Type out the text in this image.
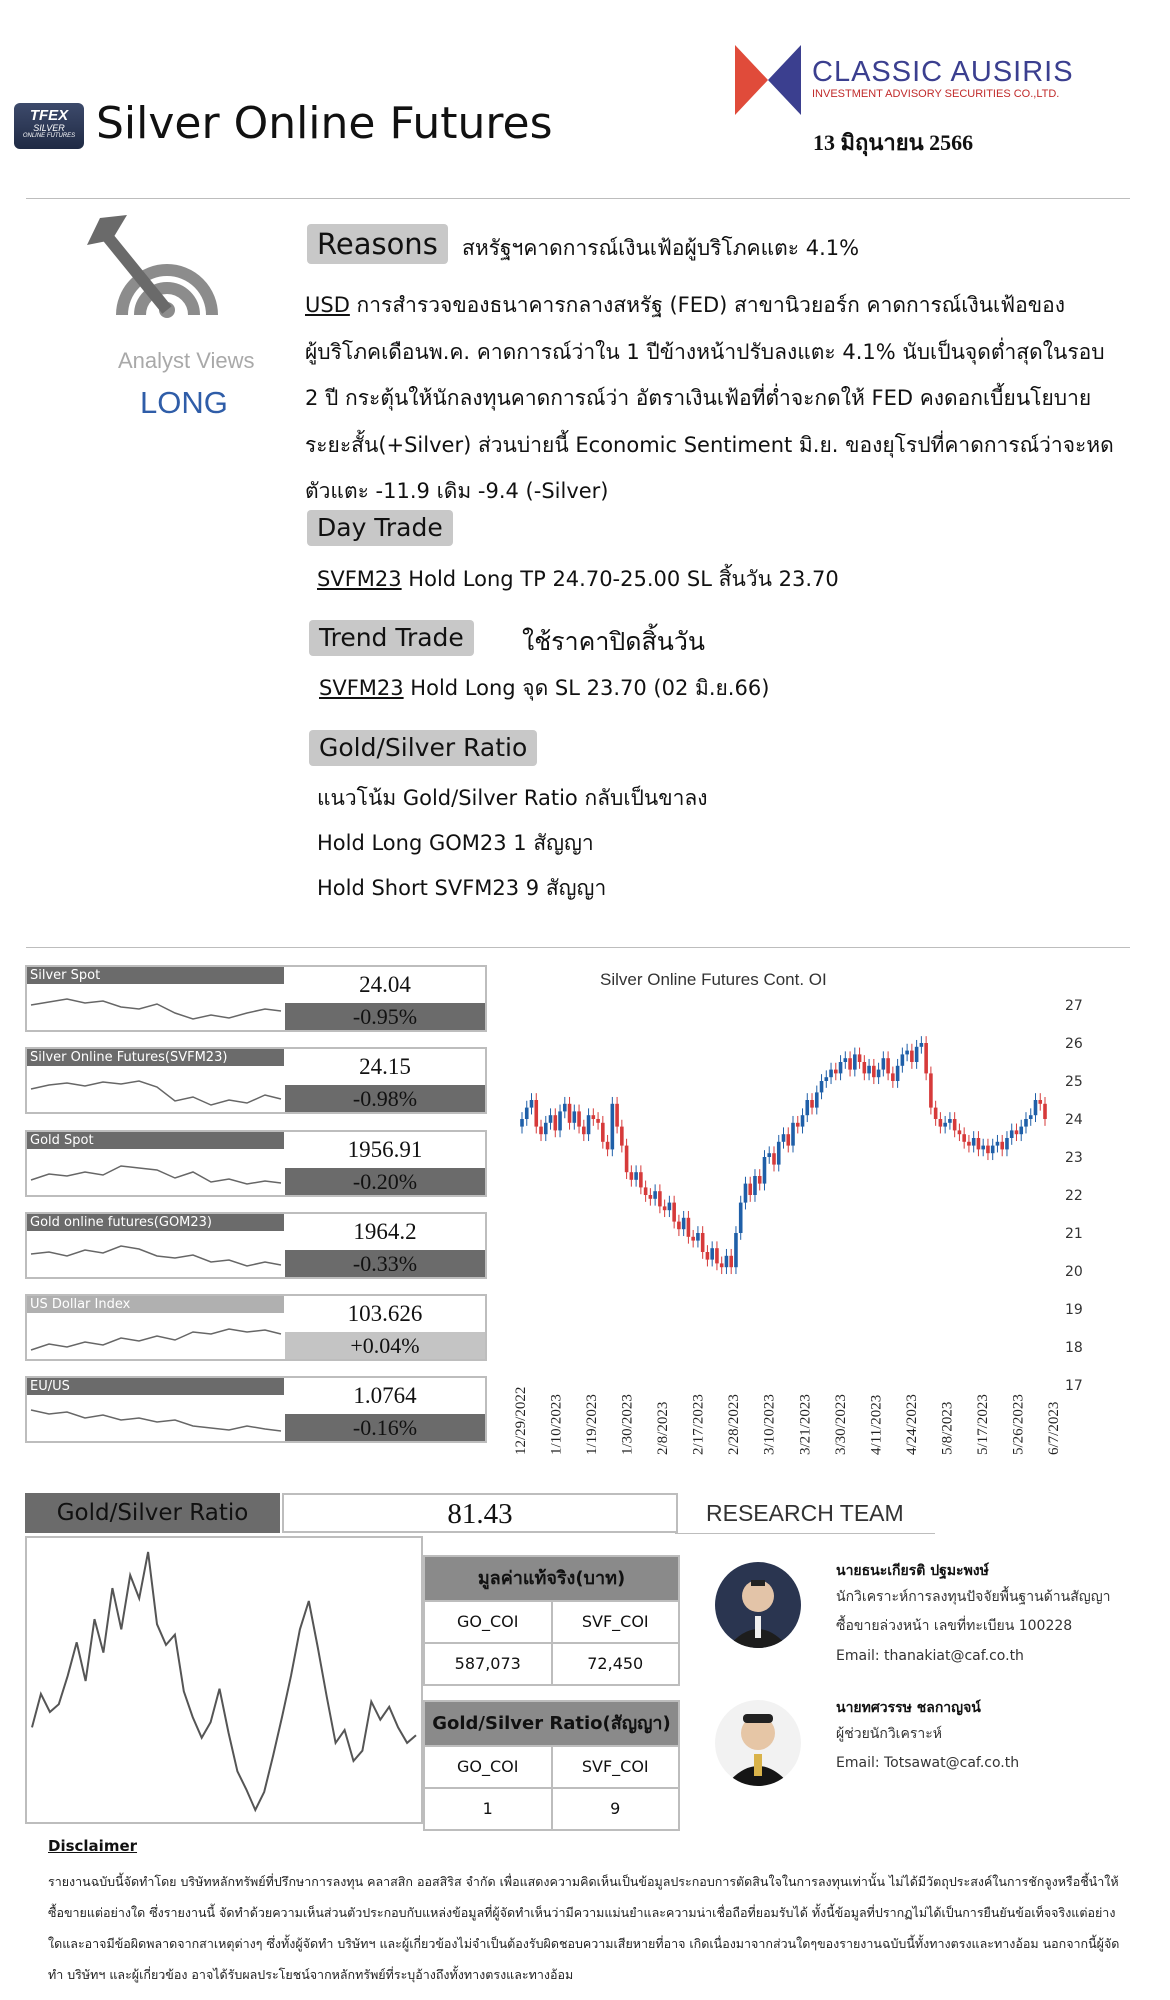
TFEX
SILVER
ONLINE FUTURES Silver Online Futures
CLASSIC AUSIRIS
INVESTMENT ADVISORY SECURITIES CO.,LTD.
13 มิถุนายน 2566
Analyst Views
LONG
Reasons	สหรัฐฯคาดการณ์เงินเฟ้อผู้บริโภคแตะ 4.1%
USD การสำรวจของธนาคารกลางสหรัฐ (FED) สาขานิวยอร์ก คาดการณ์เงินเฟ้อของ
ผู้บริโภคเดือนพ.ค. คาดการณ์ว่าใน 1 ปีข้างหน้าปรับลงแตะ 4.1% นับเป็นจุดต่ำสุดในรอบ
2 ปี กระตุ้นให้นักลงทุนคาดการณ์ว่า อัตราเงินเฟ้อที่ต่ำจะกดให้ FED คงดอกเบี้ยนโยบาย
ระยะสั้น(+Silver) ส่วนบ่ายนี้ Economic Sentiment มิ.ย. ของยุโรปที่คาดการณ์ว่าจะหด
ตัวแตะ -11.9 เดิม -9.4 (-Silver)
Day Trade
SVFM23 Hold Long TP 24.70-25.00 SL สิ้นวัน 23.70
Trend Trade	ใช้ราคาปิดสิ้นวัน
SVFM23 Hold Long จุด SL 23.70 (02 มิ.ย.66)
Gold/Silver Ratio
แนวโน้ม Gold/Silver Ratio กลับเป็นขาลง
Hold Long GOM23 1 สัญญา
Hold Short SVFM23 9 สัญญา
Silver Spot	24.04
-0.95%
Silver Online Futures(SVFM23)	24.15
-0.98%
Gold Spot	1956.91
-0.20%
Gold online futures(GOM23)	1964.2
-0.33%
US Dollar Index	103.626
+0.04%
EU/US	1.0764
-0.16%
Silver Online Futures Cont. OI
17
18
19
20
21
22
23
24
25
26
27
12/29/2022 1/10/2023 1/19/2023 1/30/2023 2/8/2023 2/17/2023 2/28/2023 3/10/2023 3/21/2023 3/30/2023 4/11/2023 4/24/2023 5/8/2023 5/17/2023 5/26/2023 6/7/2023
Gold/Silver Ratio	81.43	RESEARCH TEAM
มูลค่าแท้จริง(บาท)
GO_COI	SVF_COI
587,073	72,450
Gold/Silver Ratio(สัญญา)
GO_COI	SVF_COI
1	9
นายธนะเกียรติ ปฐมะพงษ์
นักวิเคราะห์การลงทุนปัจจัยพื้นฐานด้านสัญญา
ซื้อขายล่วงหน้า เลขที่ทะเบียน 100228
Email: thanakiat@caf.co.th
นายทศวรรษ ชลกาญจน์
ผู้ช่วยนักวิเคราะห์
Email: Totsawat@caf.co.th
Disclaimer
รายงานฉบับนี้จัดทำโดย บริษัทหลักทรัพย์ที่ปรึกษาการลงทุน คลาสสิก ออสสิริส จำกัด เพื่อแสดงความคิดเห็นเป็นข้อมูลประกอบการตัดสินใจในการลงทุนเท่านั้น ไม่ได้มีวัตถุประสงค์ในการชักจูงหรือชี้นำให้ซื้อขายแต่อย่างใด ซึ่งรายงานนี้ จัดทำด้วยความเห็นส่วนตัวประกอบกับแหล่งข้อมูลที่ผู้จัดทำเห็นว่ามีความแม่นยำและความน่าเชื่อถือที่ยอมรับได้ ทั้งนี้ข้อมูลที่ปรากฏไม่ได้เป็นการยืนยันข้อเท็จจริงแต่อย่างใดและอาจมีข้อผิดพลาดจากสาเหตุต่างๆ ซึ่งทั้งผู้จัดทำ บริษัทฯ และผู้เกี่ยวข้องไม่จำเป็นต้องรับผิดชอบความเสียหายที่อาจ เกิดเนื่องมาจากส่วนใดๆของรายงานฉบับนี้ทั้งทางตรงและทางอ้อม นอกจากนี้ผู้จัดทำ บริษัทฯ และผู้เกี่ยวข้อง อาจได้รับผลประโยชน์จากหลักทรัพย์ที่ระบุอ้างถึงทั้งทางตรงและทางอ้อม
